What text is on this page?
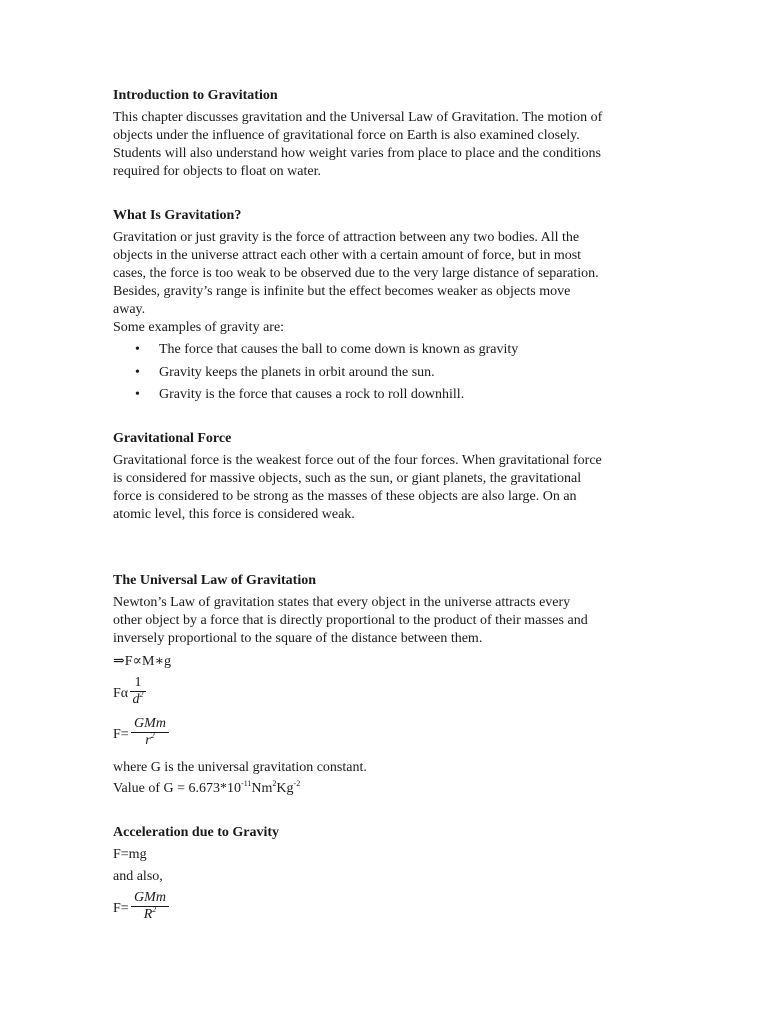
Introduction to Gravitation

This chapter discusses gravitation and the Universal Law of Gravitation. The motion of
objects under the influence of gravitational force on Earth is also examined closely.
Students will also understand how weight varies from place to place and the conditions
required for objects to float on water.

What Is Gravitation?

Gravitation or just gravity is the force of attraction between any two bodies. All the
objects in the universe attract each other with a certain amount of force, but in most
cases, the force is too weak to be observed due to the very large distance of separation.
Besides, gravity’s range is infinite but the effect becomes weaker as objects move
away.
Some examples of gravity are:

• The force that causes the ball to come down is known as gravity
• Gravity keeps the planets in orbit around the sun.
• Gravity is the force that causes a rock to roll downhill.

Gravitational Force

Gravitational force is the weakest force out of the four forces. When gravitational force
is considered for massive objects, such as the sun, or giant planets, the gravitational
force is considered to be strong as the masses of these objects are also large. On an
atomic level, this force is considered weak.

The Universal Law of Gravitation

Newton’s Law of gravitation states that every object in the universe attracts every
other object by a force that is directly proportional to the product of their masses and
inversely proportional to the square of the distance between them.

⇒F∝M∗g
Fα
1
$d^2$
F=
GMm
$r^2$
where G is the universal gravitation constant.
Value of $G = 6.673*10^{-11}Nm^2Kg^{-2}$

Acceleration due to Gravity

F=mg
and also,
F=
GMm
$R^2$
